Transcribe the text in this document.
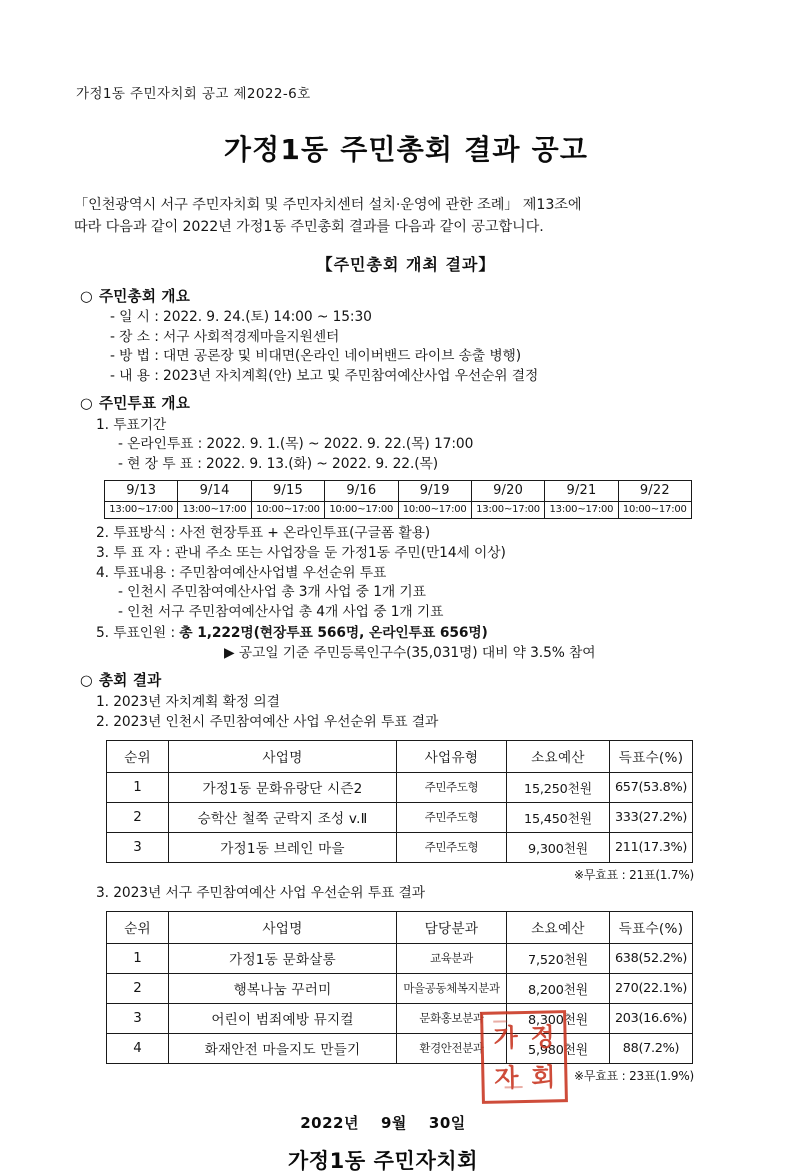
가정1동 주민자치회 공고 제2022-6호
가정1동 주민총회 결과 공고

「인천광역시 서구 주민자치회 및 주민자치센터 설치·운영에 관한 조례」 제13조에
따라 다음과 같이 2022년 가정1동 주민총회 결과를 다음과 같이 공고합니다.

【주민총회 개최 결과】
○ 주민총회 개요
- 일 시 : 2022. 9. 24.(토) 14:00 ~ 15:30
- 장 소 : 서구 사회적경제마을지원센터
- 방 법 : 대면 공론장 및 비대면(온라인 네이버밴드 라이브 송출 병행)
- 내 용 : 2023년 자치계획(안) 보고 및 주민참여예산사업 우선순위 결정
○ 주민투표 개요
1. 투표기간
- 온라인투표 : 2022. 9. 1.(목) ~ 2022. 9. 22.(목) 17:00
- 현 장 투 표 : 2022. 9. 13.(화) ~ 2022. 9. 22.(목)
9/13	9/14	9/15	9/16	9/19	9/20	9/21	9/22
13:00~17:00	13:00~17:00	10:00~17:00	10:00~17:00	10:00~17:00	13:00~17:00	13:00~17:00	10:00~17:00
2. 투표방식 : 사전 현장투표 + 온라인투표(구글폼 활용)
3. 투 표 자 : 관내 주소 또는 사업장을 둔 가정1동 주민(만14세 이상)
4. 투표내용 : 주민참여예산사업별 우선순위 투표
- 인천시 주민참여예산사업 총 3개 사업 중 1개 기표
- 인천 서구 주민참여예산사업 총 4개 사업 중 1개 기표
5. 투표인원 : 총 1,222명(현장투표 566명, 온라인투표 656명)
▶ 공고일 기준 주민등록인구수(35,031명) 대비 약 3.5% 참여
○ 총회 결과
1. 2023년 자치계획 확정 의결
2. 2023년 인천시 주민참여예산 사업 우선순위 투표 결과
순위	사업명	사업유형	소요예산	득표수(%)
1	가정1동 문화유랑단 시즌2	주민주도형	15,250천원	657(53.8%)
2	승학산 철쭉 군락지 조성 v.Ⅱ	주민주도형	15,450천원	333(27.2%)
3	가정1동 브레인 마을	주민주도형	9,300천원	211(17.3%)
※무효표 : 21표(1.7%)
3. 2023년 서구 주민참여예산 사업 우선순위 투표 결과
순위	사업명	담당분과	소요예산	득표수(%)
1	가정1동 문화살롱	교육분과	7,520천원	638(52.2%)
2	행복나눔 꾸러미	마을공동체복지분과	8,200천원	270(22.1%)
3	어린이 범죄예방 뮤지컬	문화홍보분과	8,300천원	203(16.6%)
4	화재안전 마을지도 만들기	환경안전분과	5,980천원	88(7.2%)
※무효표 : 23표(1.9%)
2022년 9월 30일
가정1동 주민자치회
가 정
자 회
